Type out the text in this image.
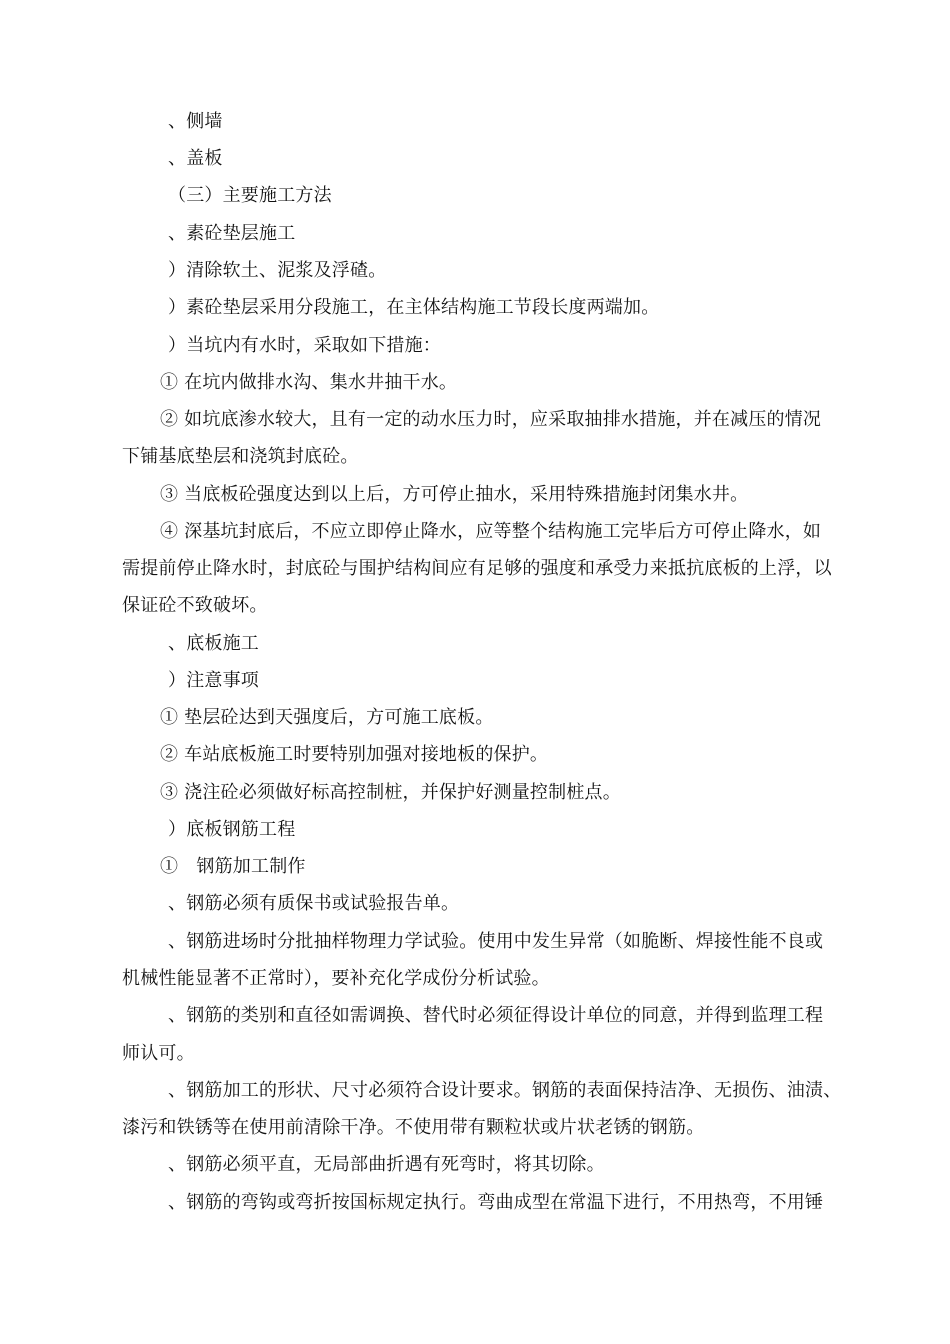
、侧墙
、盖板
（三）主要施工方法
、素砼垫层施工
）清除软土、泥浆及浮碴。
）素砼垫层采用分段施工，在主体结构施工节段长度两端加。
）当坑内有水时，采取如下措施：
① 在坑内做排水沟、集水井抽干水。
② 如坑底渗水较大，且有一定的动水压力时，应采取抽排水措施，并在减压的情况
下铺基底垫层和浇筑封底砼。
③ 当底板砼强度达到以上后，方可停止抽水，采用特殊措施封闭集水井。
④ 深基坑封底后，不应立即停止降水，应等整个结构施工完毕后方可停止降水，如
需提前停止降水时，封底砼与围护结构间应有足够的强度和承受力来抵抗底板的上浮，以
保证砼不致破坏。
、底板施工
）注意事项
① 垫层砼达到天强度后，方可施工底板。
② 车站底板施工时要特别加强对接地板的保护。
③ 浇注砼必须做好标高控制桩，并保护好测量控制桩点。
）底板钢筋工程
①　钢筋加工制作
、钢筋必须有质保书或试验报告单。
、钢筋进场时分批抽样物理力学试验。使用中发生异常（如脆断、焊接性能不良或
机械性能显著不正常时），要补充化学成份分析试验。
、钢筋的类别和直径如需调换、替代时必须征得设计单位的同意，并得到监理工程
师认可。
、钢筋加工的形状、尺寸必须符合设计要求。钢筋的表面保持洁净、无损伤、油渍、
漆污和铁锈等在使用前清除干净。不使用带有颗粒状或片状老锈的钢筋。
、钢筋必须平直，无局部曲折遇有死弯时，将其切除。
、钢筋的弯钩或弯折按国标规定执行。弯曲成型在常温下进行，不用热弯，不用锤
